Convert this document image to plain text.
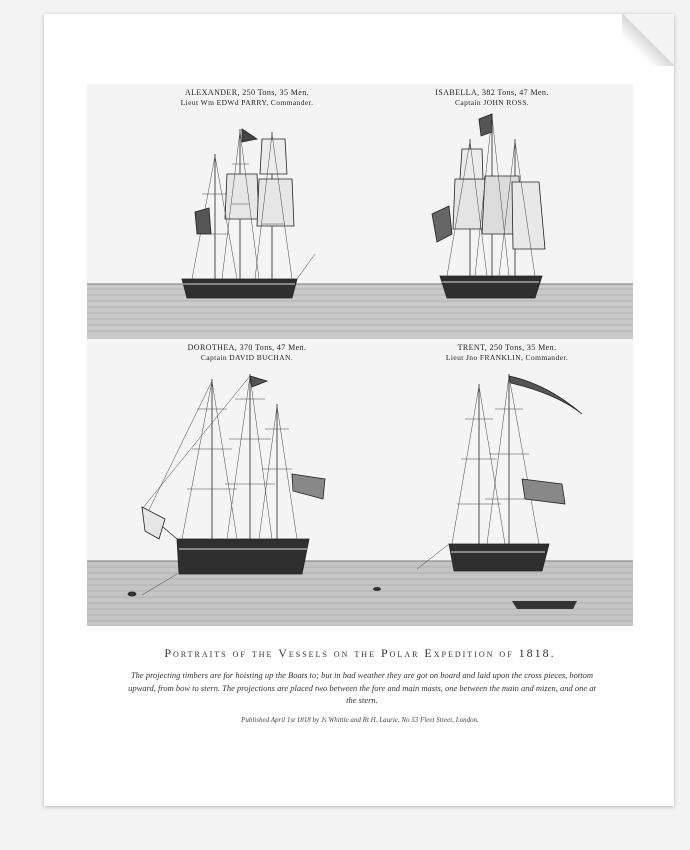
ALEXANDER, 250 Tons, 35 Men.
Lieut Wm EDWd PARRY, Commander.
ISABELLA, 382 Tons, 47 Men.
Captain JOHN ROSS.
DOROTHEA, 370 Tons, 47 Men.
Captain DAVID BUCHAN.
TRENT, 250 Tons, 35 Men.
Lieut Jno FRANKLIN, Commander.
Portraits of the Vessels on the Polar Expedition of 1818.
The projecting timbers are for hoisting up the Boats to; but in bad weather they are got on board and laid upon the cross pieces, bottom upward, from bow to stern. The projections are placed two between the fore and main masts, one between the main and mizen, and one at the stern.
Published April 1st 1818 by Js Whittle and Rt H. Laurie, No 53 Fleet Street, London.
